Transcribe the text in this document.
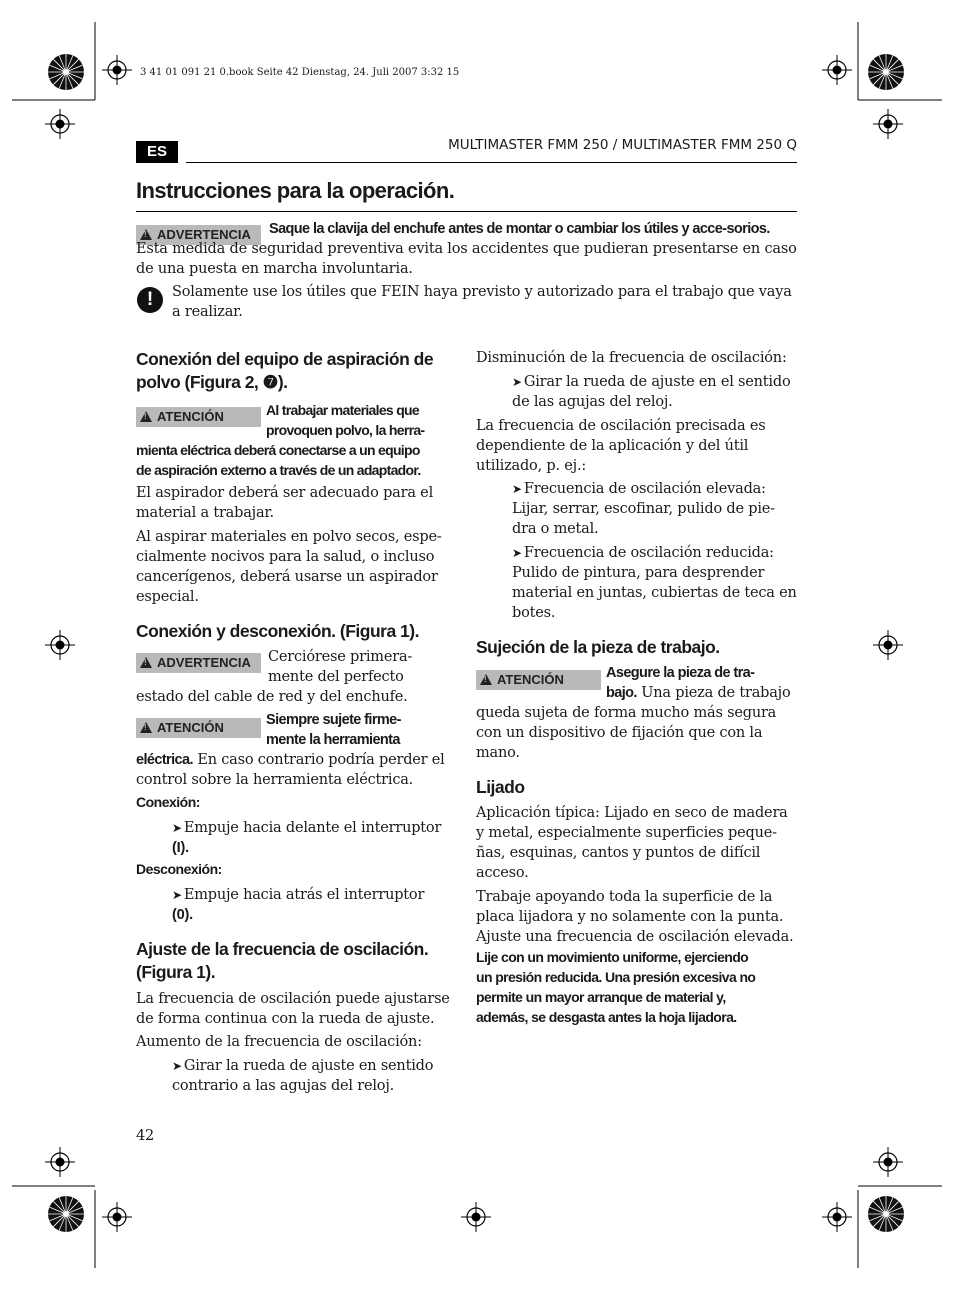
3 41 01 091 21 0.book Seite 42 Dienstag, 24. Juli 2007 3:32 15
ES	MULTIMASTER FMM 250 / MULTIMASTER FMM 250 Q
Instrucciones para la operación.
!ADVERTENCIA	Saque la clavija del enchufe antes de montar o cambiar los útiles y acce-sorios. Esta medida de seguridad preventiva evita los accidentes que pudieran presentarse en caso de una puesta en marcha involuntaria.
!	Solamente use los útiles que FEIN haya previsto y autorizado para el trabajo que vaya a realizar.
Conexión del equipo de aspiración de
polvo (Figura 2, ❼).
!ATENCIÓN	Al trabajar materiales que
provoquen polvo, la herra-
mienta eléctrica deberá conectarse a un equipo
de aspiración externo a través de un adaptador.
El aspirador deberá ser adecuado para el material a trabajar.
Al aspirar materiales en polvo secos, espe-cialmente nocivos para la salud, o incluso cancerígenos, deberá usarse un aspirador especial.
Conexión y desconexión. (Figura 1).
!ADVERTENCIA	Cerciórese primera-
mente del perfecto
estado del cable de red y del enchufe.
!ATENCIÓN	Siempre sujete firme-
mente la herramienta
eléctrica. En caso contrario podría perder el
control sobre la herramienta eléctrica.
Conexión:
➤ Empuje hacia delante el interruptor
(I).
Desconexión:
➤ Empuje hacia atrás el interruptor
(0).
Ajuste de la frecuencia de oscilación.
(Figura 1).
La frecuencia de oscilación puede ajustarse de forma continua con la rueda de ajuste.
Aumento de la frecuencia de oscilación:
➤ Girar la rueda de ajuste en sentido
contrario a las agujas del reloj.
42
Disminución de la frecuencia de oscilación:
➤ Girar la rueda de ajuste en el sentido
de las agujas del reloj.
La frecuencia de oscilación precisada es dependiente de la aplicación y del útil utilizado, p. ej.:
➤ Frecuencia de oscilación elevada:
Lijar, serrar, escofinar, pulido de pie-
dra o metal.
➤ Frecuencia de oscilación reducida:
Pulido de pintura, para desprender
material en juntas, cubiertas de teca en
botes.
Sujeción de la pieza de trabajo.
!ATENCIÓN	Asegure la pieza de tra-
bajo. Una pieza de trabajo
queda sujeta de forma mucho más segura con un dispositivo de fijación que con la mano.
Lijado
Aplicación típica: Lijado en seco de madera y metal, especialmente superficies peque-ñas, esquinas, cantos y puntos de difícil acceso.
Trabaje apoyando toda la superficie de la placa lijadora y no solamente con la punta. Ajuste una frecuencia de oscilación elevada.
Lije con un movimiento uniforme, ejerciendo
un presión reducida. Una presión excesiva no
permite un mayor arranque de material y,
además, se desgasta antes la hoja lijadora.
